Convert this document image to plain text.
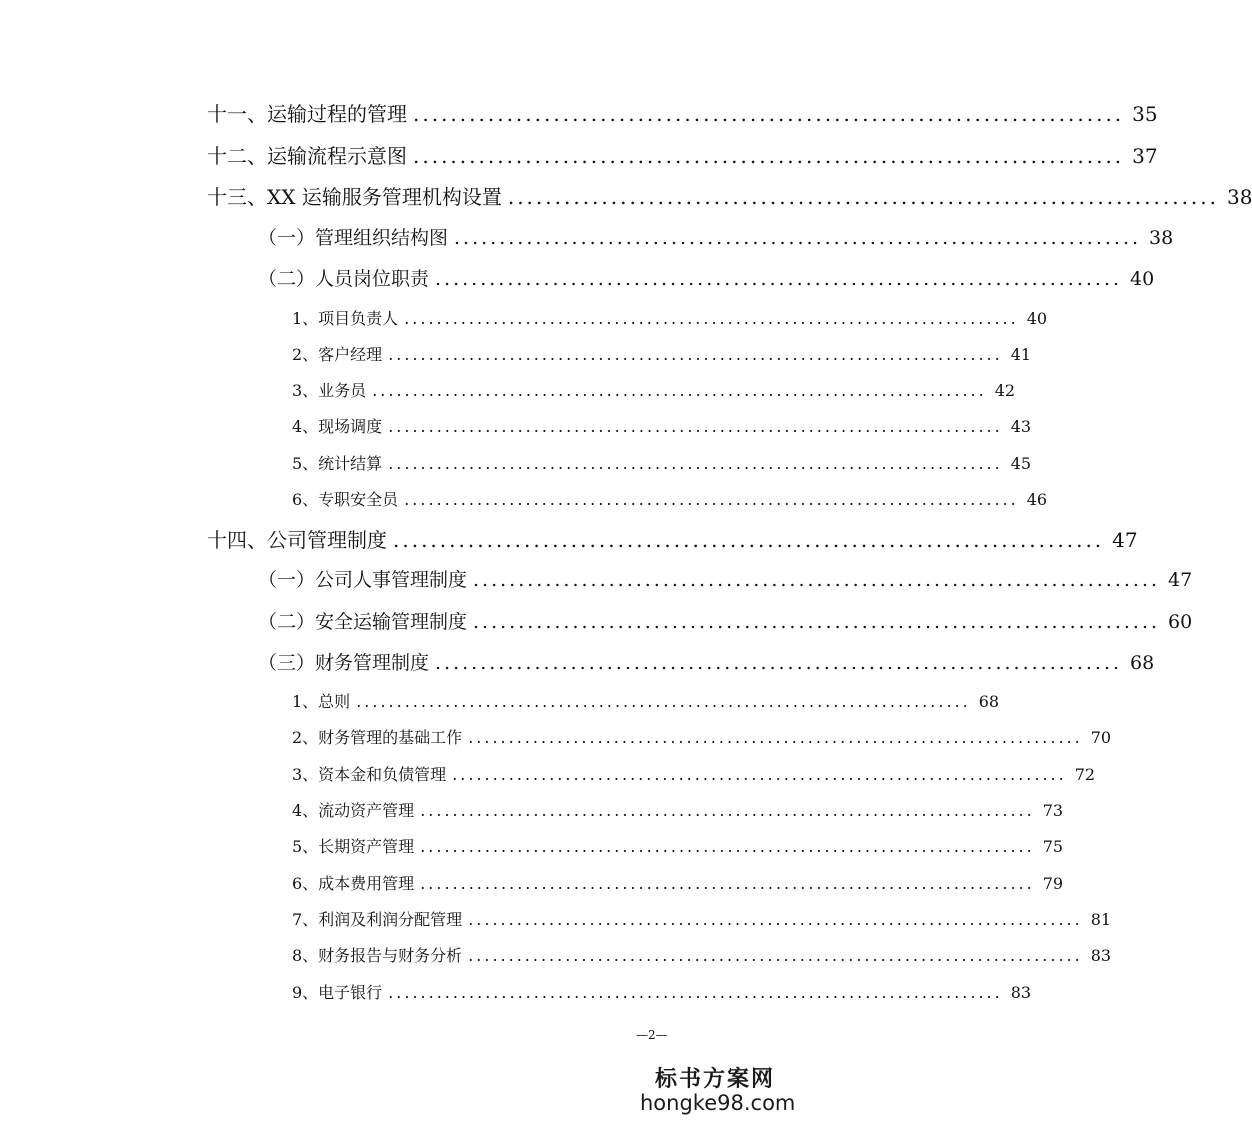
十一、运输过程的管理 ............................................................................ 35
十二、运输流程示意图 ............................................................................ 37
十三、XX 运输服务管理机构设置 ............................................................................ 38
（一）管理组织结构图 ............................................................................ 38
（二）人员岗位职责 ............................................................................ 40
1、项目负责人 ............................................................................ 40
2、客户经理 ............................................................................ 41
3、业务员 ............................................................................ 42
4、现场调度 ............................................................................ 43
5、统计结算 ............................................................................ 45
6、专职安全员 ............................................................................ 46
十四、公司管理制度 ............................................................................ 47
（一）公司人事管理制度 ............................................................................ 47
（二）安全运输管理制度 ............................................................................ 60
（三）财务管理制度 ............................................................................ 68
1、总则 ............................................................................ 68
2、财务管理的基础工作 ............................................................................ 70
3、资本金和负债管理 ............................................................................ 72
4、流动资产管理 ............................................................................ 73
5、长期资产管理 ............................................................................ 75
6、成本费用管理 ............................................................................ 79
7、利润及利润分配管理 ............................................................................ 81
8、财务报告与财务分析 ............................................................................ 83
9、电子银行 ............................................................................ 83
—2—
标书方案网
hongke98.com
